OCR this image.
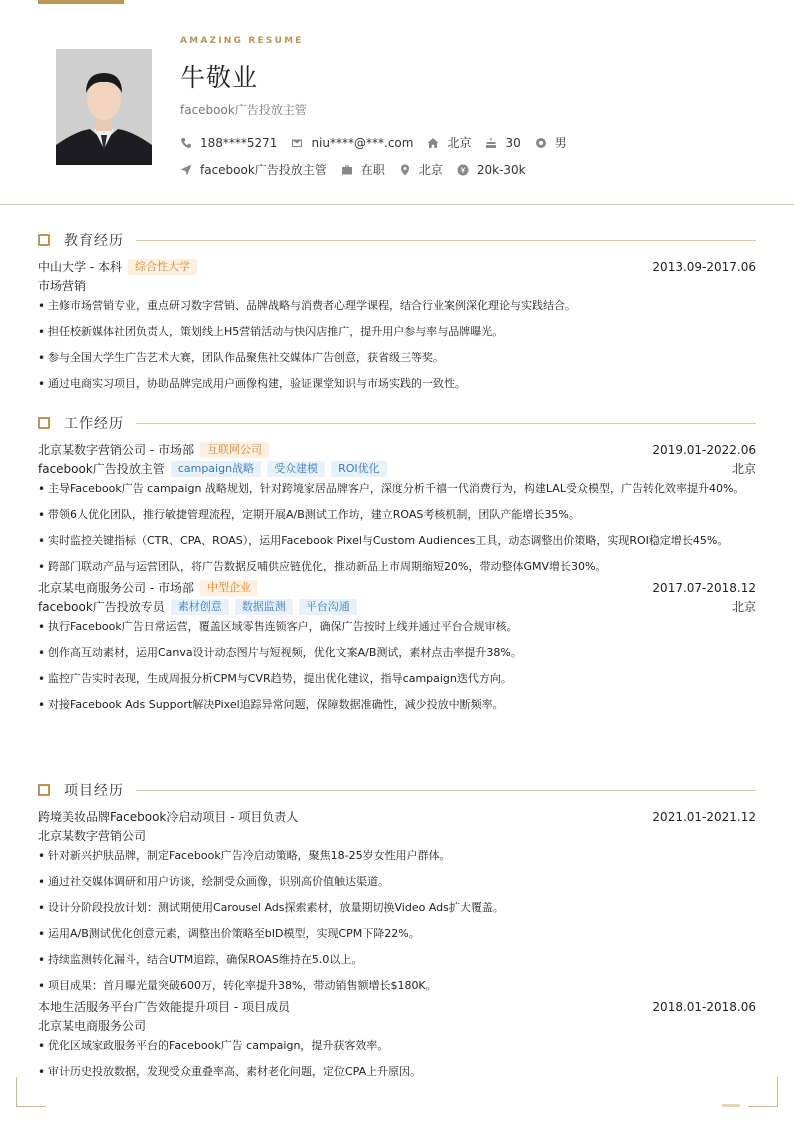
AMAZING RESUME
牛敬业
facebook广告投放主管
188****5271	niu****@***.com	北京	30	男
facebook广告投放主管	在职	北京	20k-30k
教育经历
中山大学 - 本科	综合性大学	2013.09-2017.06
市场营销
• 主修市场营销专业，重点研习数字营销、品牌战略与消费者心理学课程，结合行业案例深化理论与实践结合。
• 担任校新媒体社团负责人，策划线上H5营销活动与快闪店推广，提升用户参与率与品牌曝光。
• 参与全国大学生广告艺术大赛，团队作品聚焦社交媒体广告创意，获省级三等奖。
• 通过电商实习项目，协助品牌完成用户画像构建，验证课堂知识与市场实践的一致性。
工作经历
北京某数字营销公司 - 市场部	互联网公司	2019.01-2022.06
facebook广告投放主管	campaign战略	受众建模	ROI优化	北京
• 主导Facebook广告 campaign 战略规划，针对跨境家居品牌客户，深度分析千禧一代消费行为，构建LAL受众模型，广告转化效率提升40%。
• 带领6人优化团队，推行敏捷管理流程，定期开展A/B测试工作坊，建立ROAS考核机制，团队产能增长35%。
• 实时监控关键指标（CTR、CPA、ROAS），运用Facebook Pixel与Custom Audiences工具，动态调整出价策略，实现ROI稳定增长45%。
• 跨部门联动产品与运营团队，将广告数据反哺供应链优化，推动新品上市周期缩短20%，带动整体GMV增长30%。
北京某电商服务公司 - 市场部	中型企业	2017.07-2018.12
facebook广告投放专员	素材创意	数据监测	平台沟通	北京
• 执行Facebook广告日常运营，覆盖区域零售连锁客户，确保广告按时上线并通过平台合规审核。
• 创作高互动素材，运用Canva设计动态图片与短视频，优化文案A/B测试，素材点击率提升38%。
• 监控广告实时表现，生成周报分析CPM与CVR趋势，提出优化建议，指导campaign迭代方向。
• 对接Facebook Ads Support解决Pixel追踪异常问题，保障数据准确性，减少投放中断频率。
项目经历
跨境美妆品牌Facebook冷启动项目 - 项目负责人	2021.01-2021.12
北京某数字营销公司
• 针对新兴护肤品牌，制定Facebook广告冷启动策略，聚焦18-25岁女性用户群体。
• 通过社交媒体调研和用户访谈，绘制受众画像，识别高价值触达渠道。
• 设计分阶段投放计划：测试期使用Carousel Ads探索素材，放量期切换Video Ads扩大覆盖。
• 运用A/B测试优化创意元素，调整出价策略至bID模型，实现CPM下降22%。
• 持续监测转化漏斗，结合UTM追踪，确保ROAS维持在5.0以上。
• 项目成果：首月曝光量突破600万，转化率提升38%，带动销售额增长$180K。
本地生活服务平台广告效能提升项目 - 项目成员	2018.01-2018.06
北京某电商服务公司
• 优化区域家政服务平台的Facebook广告 campaign，提升获客效率。
• 审计历史投放数据，发现受众重叠率高、素材老化问题，定位CPA上升原因。
